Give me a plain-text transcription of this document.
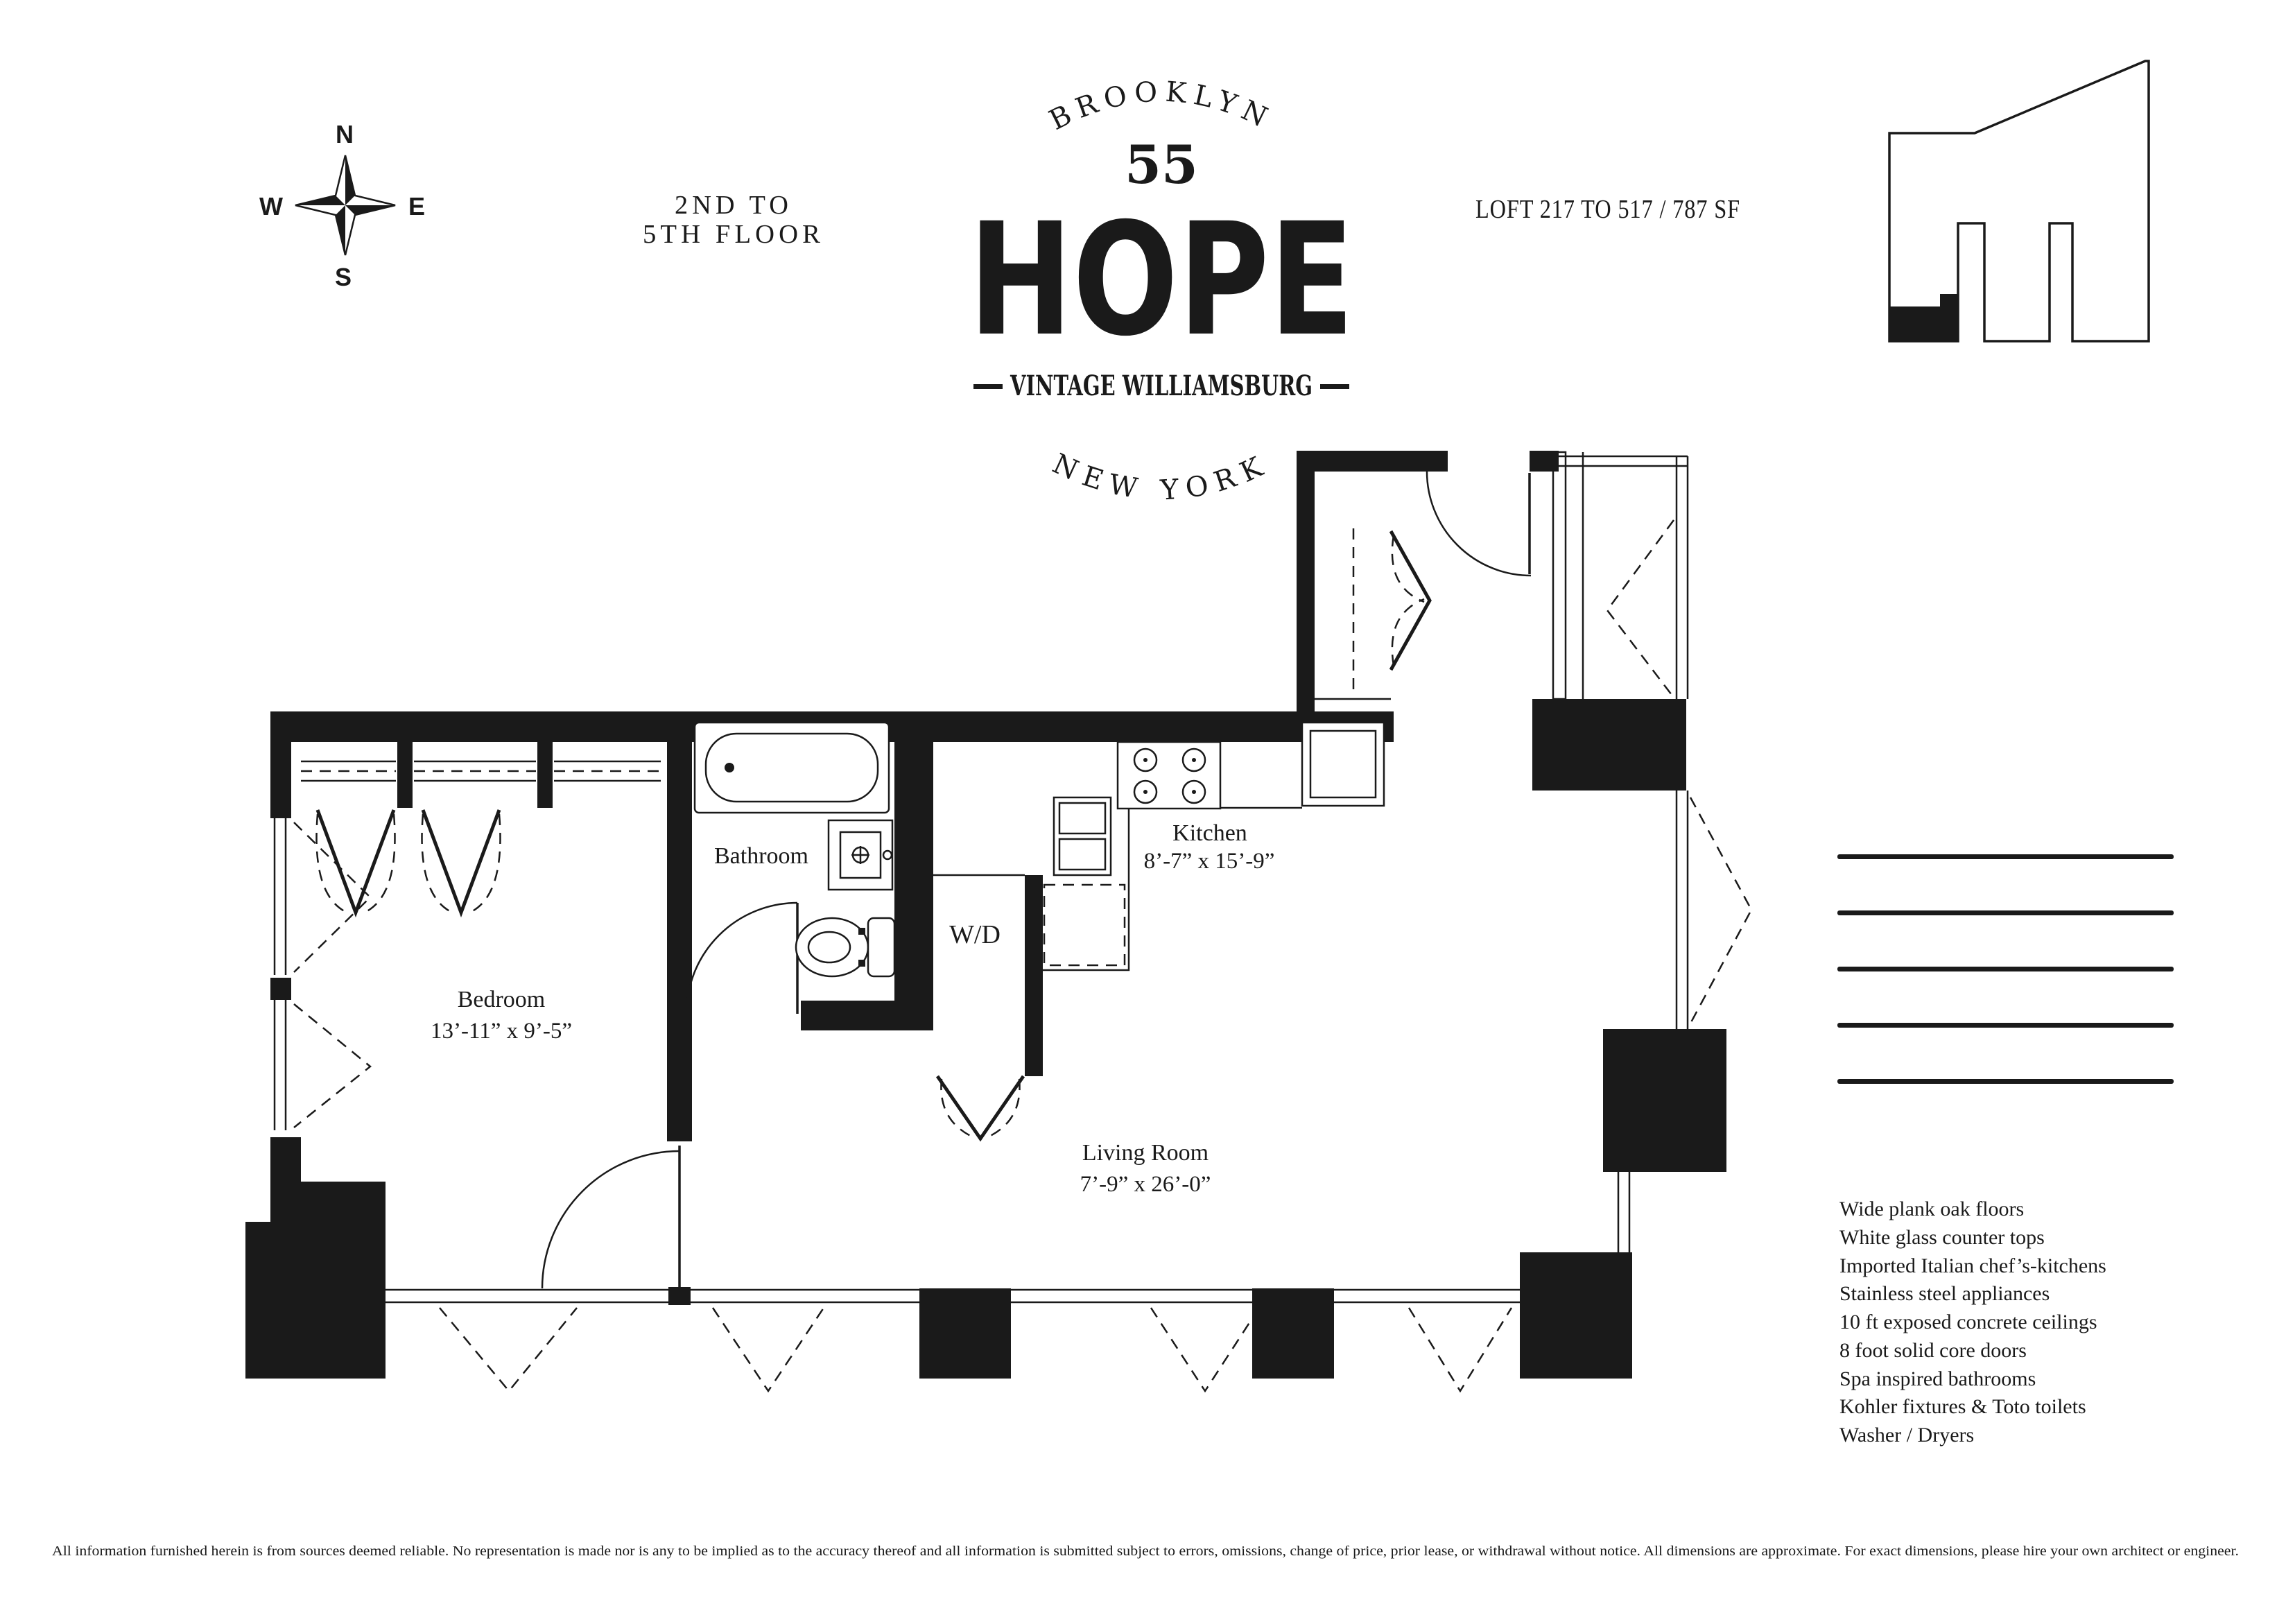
N
W	E
S
2ND TO
5TH FLOOR
BROOKLYN
55
HOPE
VINTAGE WILLIAMSBURG
NEW YORK
LOFT 217 TO 517 / 787 SF
Bathroom
Kitchen
8’-7” x 15’-9”
W/D
Bedroom
13’-11” x 9’-5”
Living Room
7’-9” x 26’-0”
Wide plank oak floors
White glass counter tops
Imported Italian chef’s-kitchens
Stainless steel appliances
10 ft exposed concrete ceilings
8 foot solid core doors
Spa inspired bathrooms
Kohler fixtures & Toto toilets
Washer / Dryers
All information furnished herein is from sources deemed reliable. No representation is made nor is any to be implied as to the accuracy thereof and all information is submitted subject to errors, omissions, change of price, prior lease, or withdrawal without notice. All dimensions are approximate. For exact dimensions, please hire your own architect or engineer.
